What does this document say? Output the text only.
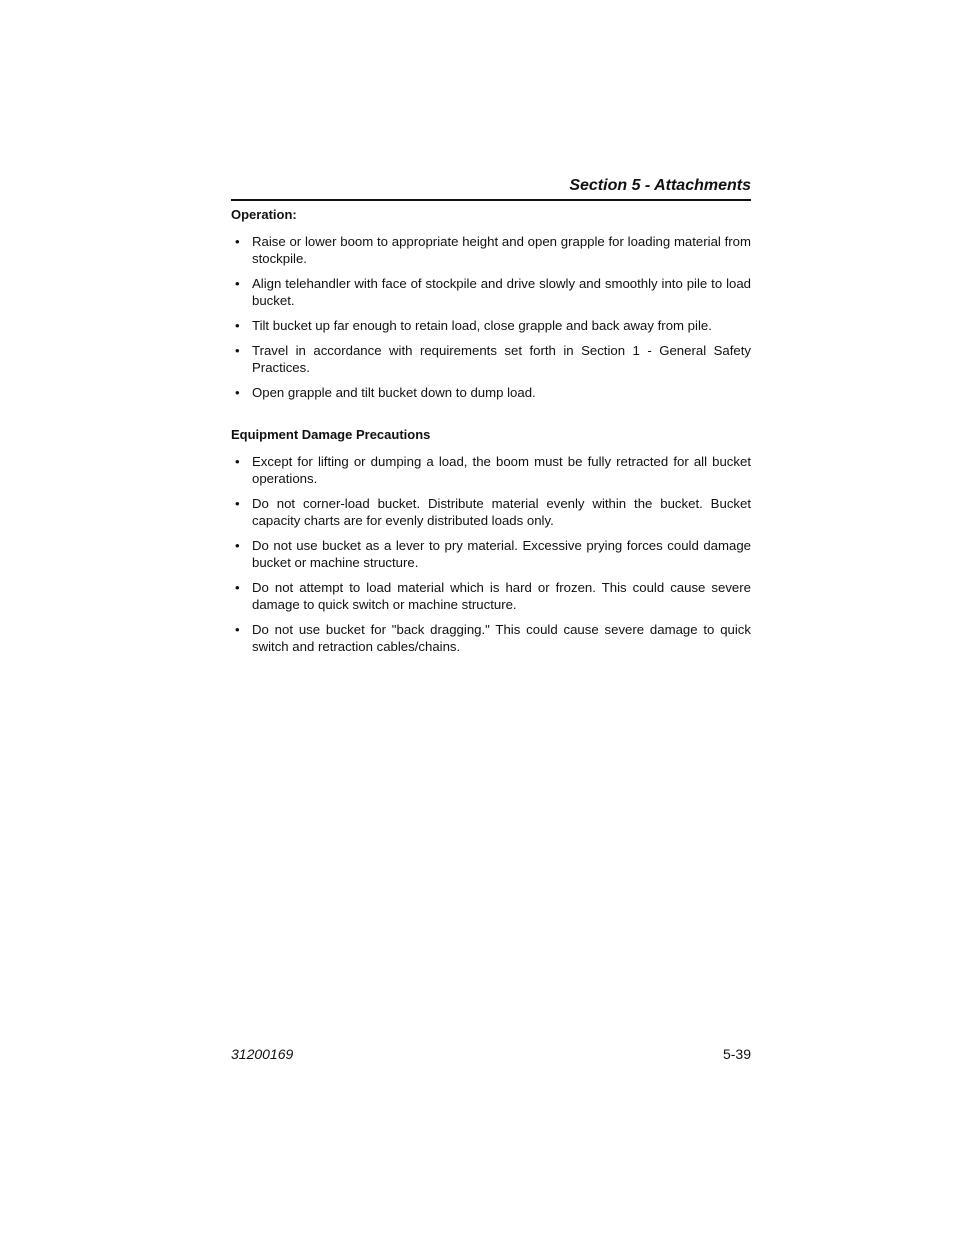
Section 5 - Attachments

Operation:

• Raise or lower boom to appropriate height and open grapple for loading material from stockpile.
• Align telehandler with face of stockpile and drive slowly and smoothly into pile to load bucket.
• Tilt bucket up far enough to retain load, close grapple and back away from pile.
• Travel in accordance with requirements set forth in Section 1 - General Safety Practices.
• Open grapple and tilt bucket down to dump load.

Equipment Damage Precautions

• Except for lifting or dumping a load, the boom must be fully retracted for all bucket operations.
• Do not corner-load bucket. Distribute material evenly within the bucket. Bucket capacity charts are for evenly distributed loads only.
• Do not use bucket as a lever to pry material. Excessive prying forces could damage bucket or machine structure.
• Do not attempt to load material which is hard or frozen. This could cause severe damage to quick switch or machine structure.
• Do not use bucket for "back dragging." This could cause severe damage to quick switch and retraction cables/chains.
31200169	5-39
